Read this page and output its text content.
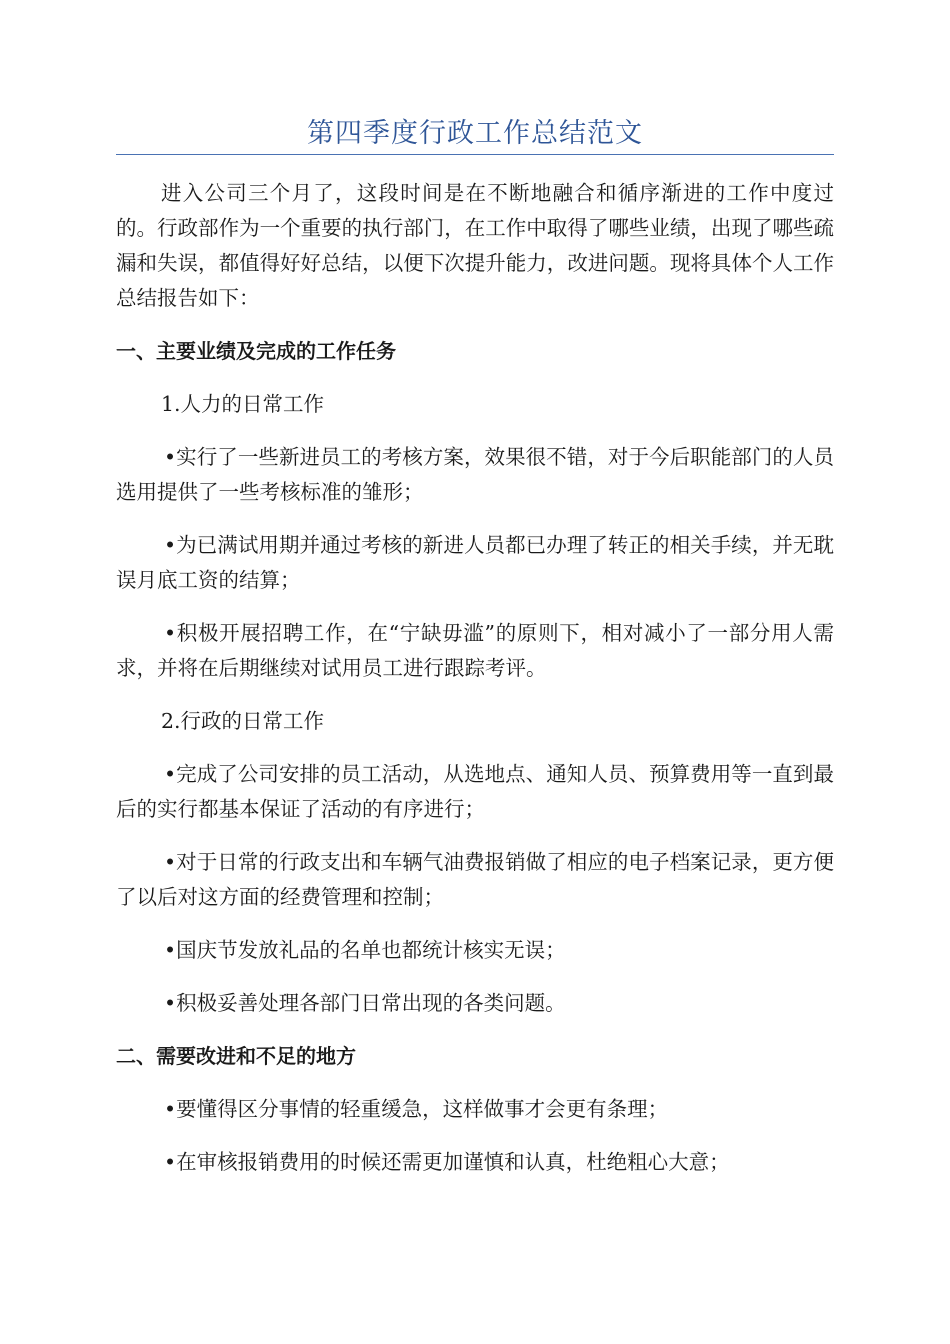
第四季度行政工作总结范文

进入公司三个月了，这段时间是在不断地融合和循序渐进的工作中度过的。行政部作为一个重要的执行部门，在工作中取得了哪些业绩，出现了哪些疏漏和失误，都值得好好总结，以便下次提升能力，改进问题。现将具体个人工作总结报告如下：

一、主要业绩及完成的工作任务

1.人力的日常工作

•实行了一些新进员工的考核方案，效果很不错，对于今后职能部门的人员选用提供了一些考核标准的雏形；

•为已满试用期并通过考核的新进人员都已办理了转正的相关手续，并无耽误月底工资的结算；

•积极开展招聘工作，在“宁缺毋滥”的原则下，相对减小了一部分用人需求，并将在后期继续对试用员工进行跟踪考评。

2.行政的日常工作

•完成了公司安排的员工活动，从选地点、通知人员、预算费用等一直到最后的实行都基本保证了活动的有序进行；

•对于日常的行政支出和车辆气油费报销做了相应的电子档案记录，更方便了以后对这方面的经费管理和控制；

•国庆节发放礼品的名单也都统计核实无误；

•积极妥善处理各部门日常出现的各类问题。

二、需要改进和不足的地方

•要懂得区分事情的轻重缓急，这样做事才会更有条理；

•在审核报销费用的时候还需更加谨慎和认真，杜绝粗心大意；
